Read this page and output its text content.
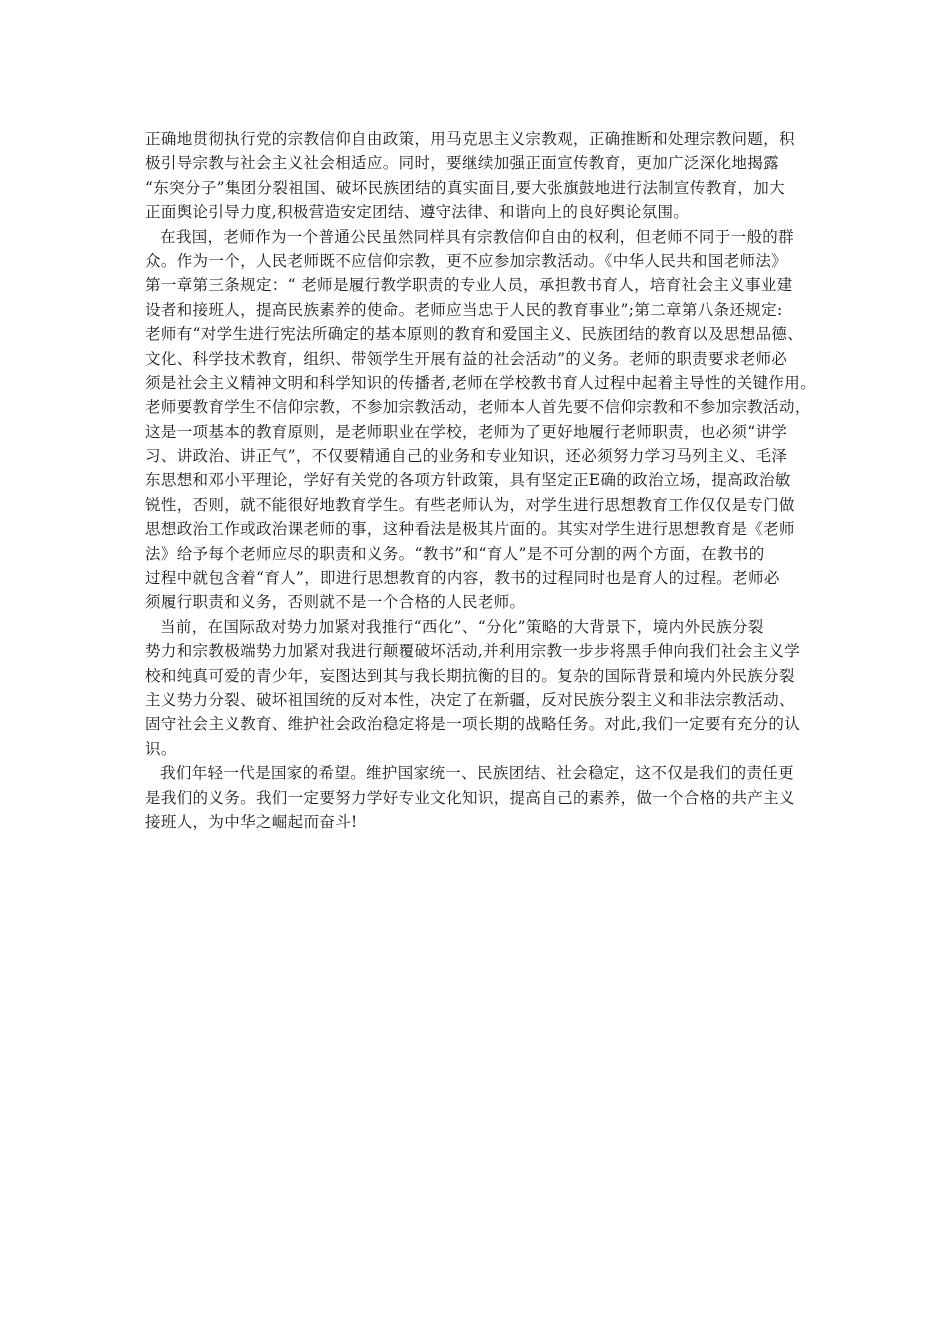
正确地贯彻执行党的宗教信仰自由政策，用马克思主义宗教观，正确推断和处理宗教问题，积
极引导宗教与社会主义社会相适应。同时，要继续加强正面宣传教育，更加广泛深化地揭露
“东突分子”集团分裂祖国、破坏民族团结的真实面目,要大张旗鼓地进行法制宣传教育，加大
正面舆论引导力度,积极营造安定团结、遵守法律、和谐向上的良好舆论氛围。
在我国，老师作为一个普通公民虽然同样具有宗教信仰自由的权利，但老师不同于一般的群
众。作为一个，人民老师既不应信仰宗教，更不应参加宗教活动。《中华人民共和国老师法》
第一章第三条规定：“ 老师是履行教学职责的专业人员，承担教书育人，培育社会主义事业建
设者和接班人，提高民族素养的使命。老师应当忠于人民的教育事业”;第二章第八条还规定:
老师有“对学生进行宪法所确定的基本原则的教育和爱国主义、民族团结的教育以及思想品德、
文化、科学技术教育，组织、带领学生开展有益的社会活动”的义务。老师的职责要求老师必
须是社会主义精神文明和科学知识的传播者,老师在学校教书育人过程中起着主导性的关键作用。
老师要教育学生不信仰宗教，不参加宗教活动，老师本人首先要不信仰宗教和不参加宗教活动，
这是一项基本的教育原则，是老师职业在学校，老师为了更好地履行老师职责，也必须“讲学
习、讲政治、讲正气”，不仅要精通自己的业务和专业知识，还必须努力学习马列主义、毛泽
东思想和邓小平理论，学好有关党的各项方针政策，具有坚定正E确的政治立场，提高政治敏
锐性，否则，就不能很好地教育学生。有些老师认为，对学生进行思想教育工作仅仅是专门做
思想政治工作或政治课老师的事，这种看法是极其片面的。其实对学生进行思想教育是《老师
法》给予每个老师应尽的职责和义务。“教书”和“育人”是不可分割的两个方面，在教书的
过程中就包含着“育人”，即进行思想教育的内容，教书的过程同时也是育人的过程。老师必
须履行职责和义务，否则就不是一个合格的人民老师。
当前，在国际敌对势力加紧对我推行“西化”、“分化”策略的大背景下，境内外民族分裂
势力和宗教极端势力加紧对我进行颠覆破坏活动,并利用宗教一步步将黑手伸向我们社会主义学
校和纯真可爱的青少年，妄图达到其与我长期抗衡的目的。复杂的国际背景和境内外民族分裂
主义势力分裂、破坏祖国统的反对本性，决定了在新疆，反对民族分裂主义和非法宗教活动、
固守社会主义教育、维护社会政治稳定将是一项长期的战略任务。对此,我们一定要有充分的认
识。
我们年轻一代是国家的希望。维护国家统一、民族团结、社会稳定，这不仅是我们的责任更
是我们的义务。我们一定要努力学好专业文化知识，提高自己的素养，做一个合格的共产主义
接班人，为中华之崛起而奋斗!
